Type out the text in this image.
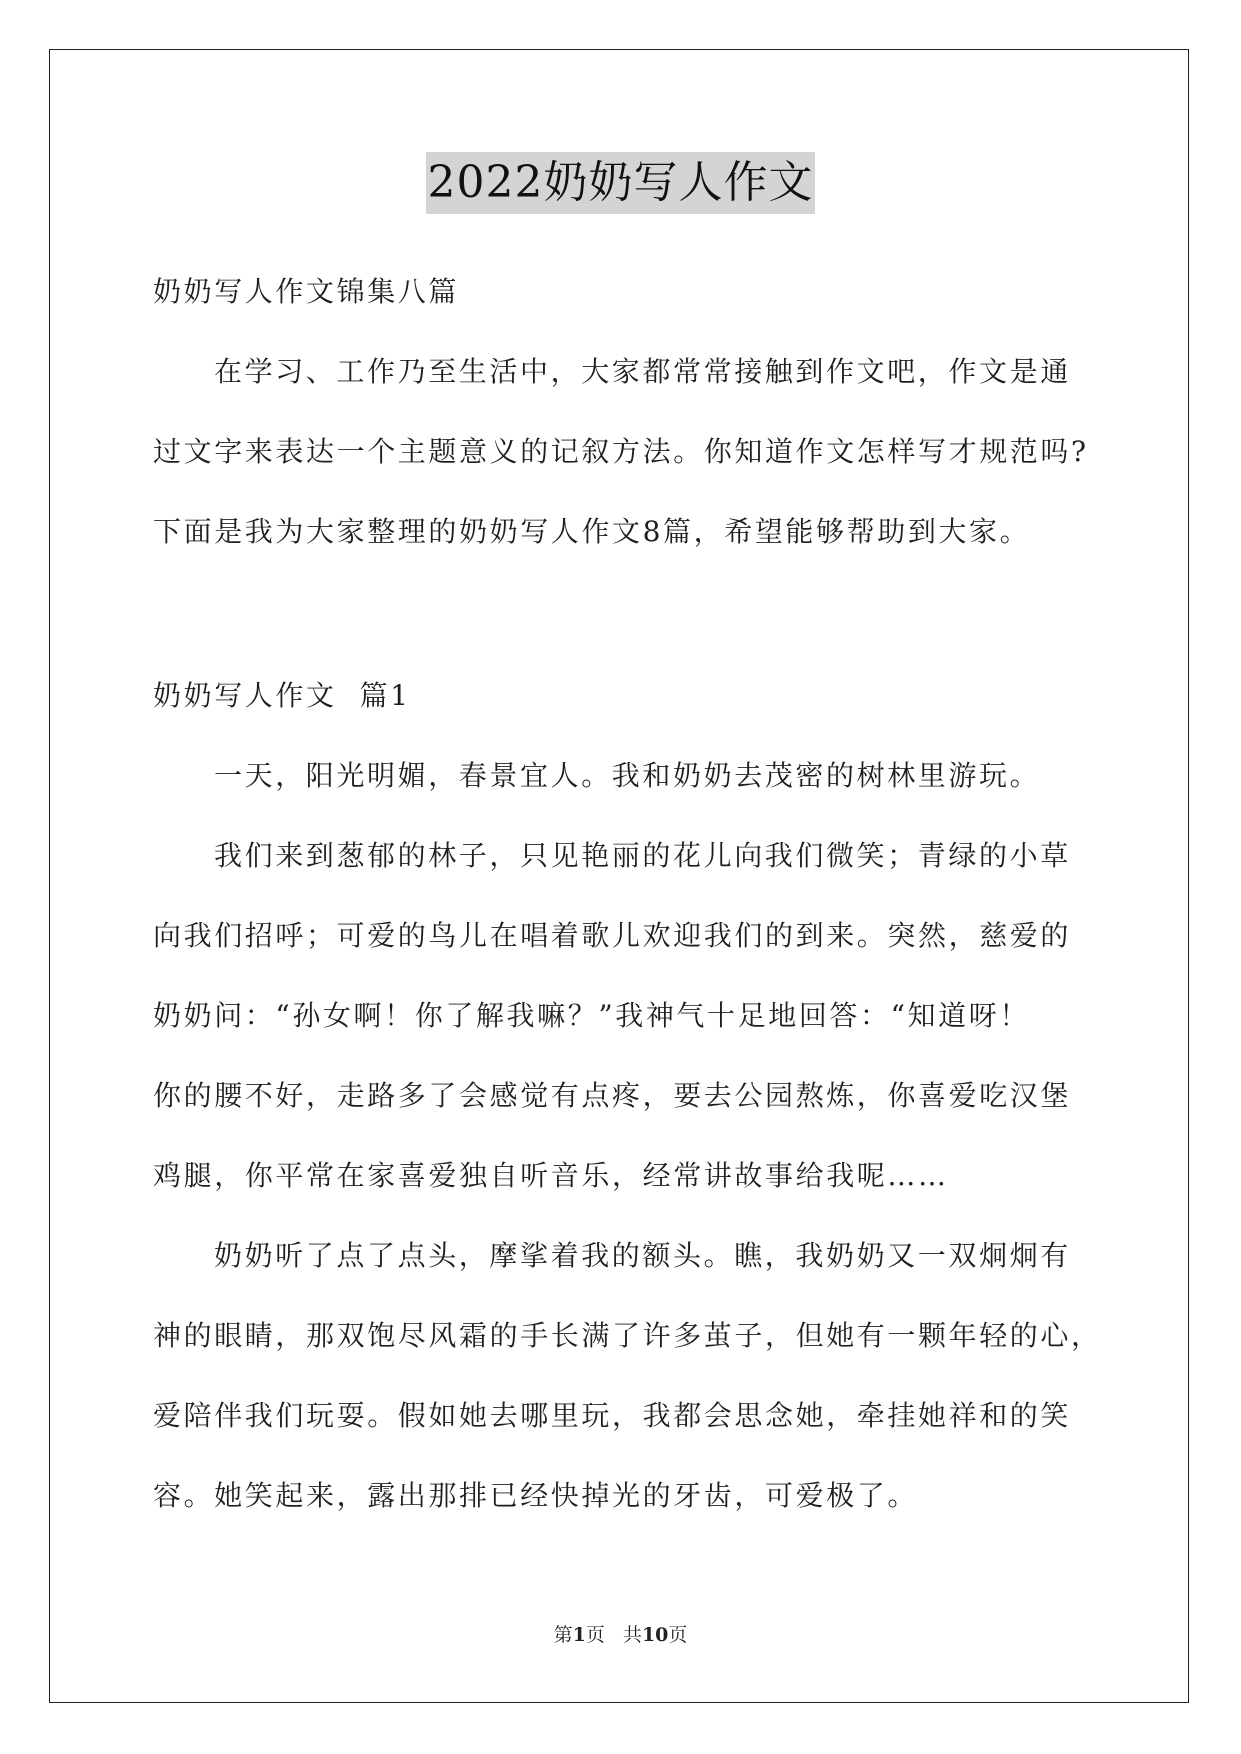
2022奶奶写人作文
奶奶写人作文锦集八篇
在学习、工作乃至生活中，大家都常常接触到作文吧，作文是通
过文字来表达一个主题意义的记叙方法。你知道作文怎样写才规范吗?
下面是我为大家整理的奶奶写人作文8篇，希望能够帮助到大家。
奶奶写人作文  篇1
一天，阳光明媚，春景宜人。我和奶奶去茂密的树林里游玩。
我们来到葱郁的林子，只见艳丽的花儿向我们微笑；青绿的小草
向我们招呼；可爱的鸟儿在唱着歌儿欢迎我们的到来。突然，慈爱的
奶奶问：“孙女啊！你了解我嘛？”我神气十足地回答：“知道呀！
你的腰不好，走路多了会感觉有点疼，要去公园熬炼，你喜爱吃汉堡
鸡腿，你平常在家喜爱独自听音乐，经常讲故事给我呢……
奶奶听了点了点头，摩挲着我的额头。瞧，我奶奶又一双炯炯有
神的眼睛，那双饱尽风霜的手长满了许多茧子，但她有一颗年轻的心，
爱陪伴我们玩耍。假如她去哪里玩，我都会思念她，牵挂她祥和的笑
容。她笑起来，露出那排已经快掉光的牙齿，可爱极了。
第1页   共10页
